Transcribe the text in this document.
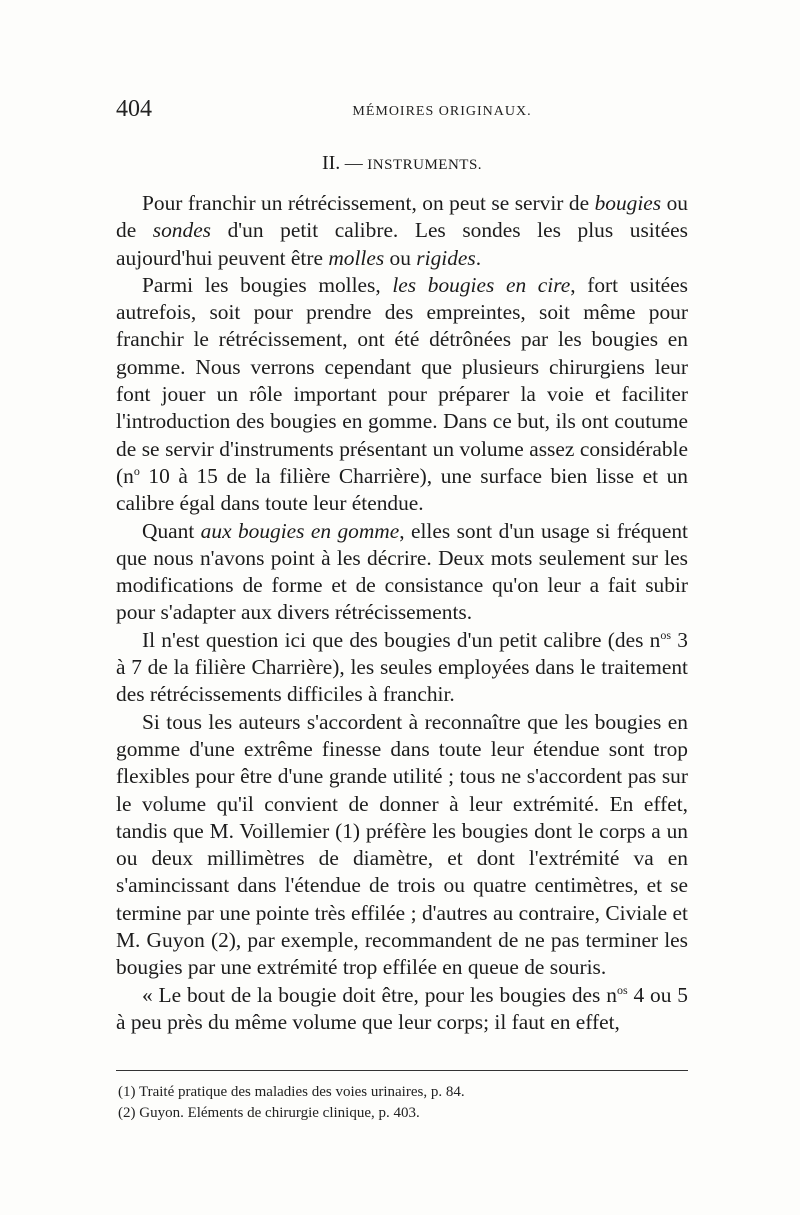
404	MÉMOIRES ORIGINAUX.
II. — INSTRUMENTS.

Pour franchir un rétrécissement, on peut se servir de bougies ou de sondes d'un petit calibre. Les sondes les plus usitées aujourd'hui peuvent être molles ou rigides.

Parmi les bougies molles, les bougies en cire, fort usitées autrefois, soit pour prendre des empreintes, soit même pour franchir le rétrécissement, ont été détrônées par les bougies en gomme. Nous verrons cependant que plusieurs chirurgiens leur font jouer un rôle important pour préparer la voie et faciliter l'introduction des bougies en gomme. Dans ce but, ils ont coutume de se servir d'instruments présentant un volume assez considérable ($n^o$ 10 à 15 de la filière Charrière), une surface bien lisse et un calibre égal dans toute leur étendue.

Quant aux bougies en gomme, elles sont d'un usage si fréquent que nous n'avons point à les décrire. Deux mots seulement sur les modifications de forme et de consistance qu'on leur a fait subir pour s'adapter aux divers rétrécissements.

Il n'est question ici que des bougies d'un petit calibre (des $n^{os}$ 3 à 7 de la filière Charrière), les seules employées dans le traitement des rétrécissements difficiles à franchir.

Si tous les auteurs s'accordent à reconnaître que les bougies en gomme d'une extrême finesse dans toute leur étendue sont trop flexibles pour être d'une grande utilité ; tous ne s'accordent pas sur le volume qu'il convient de donner à leur extrémité. En effet, tandis que M. Voillemier (1) préfère les bougies dont le corps a un ou deux millimètres de diamètre, et dont l'extrémité va en s'amincissant dans l'étendue de trois ou quatre centimètres, et se termine par une pointe très effilée ; d'autres au contraire, Civiale et M. Guyon (2), par exemple, recommandent de ne pas terminer les bougies par une extrémité trop effilée en queue de souris.

« Le bout de la bougie doit être, pour les bougies des $n^{os}$ 4 ou 5 à peu près du même volume que leur corps; il faut en effet,

(1) Traité pratique des maladies des voies urinaires, p. 84.

(2) Guyon. Eléments de chirurgie clinique, p. 403.
